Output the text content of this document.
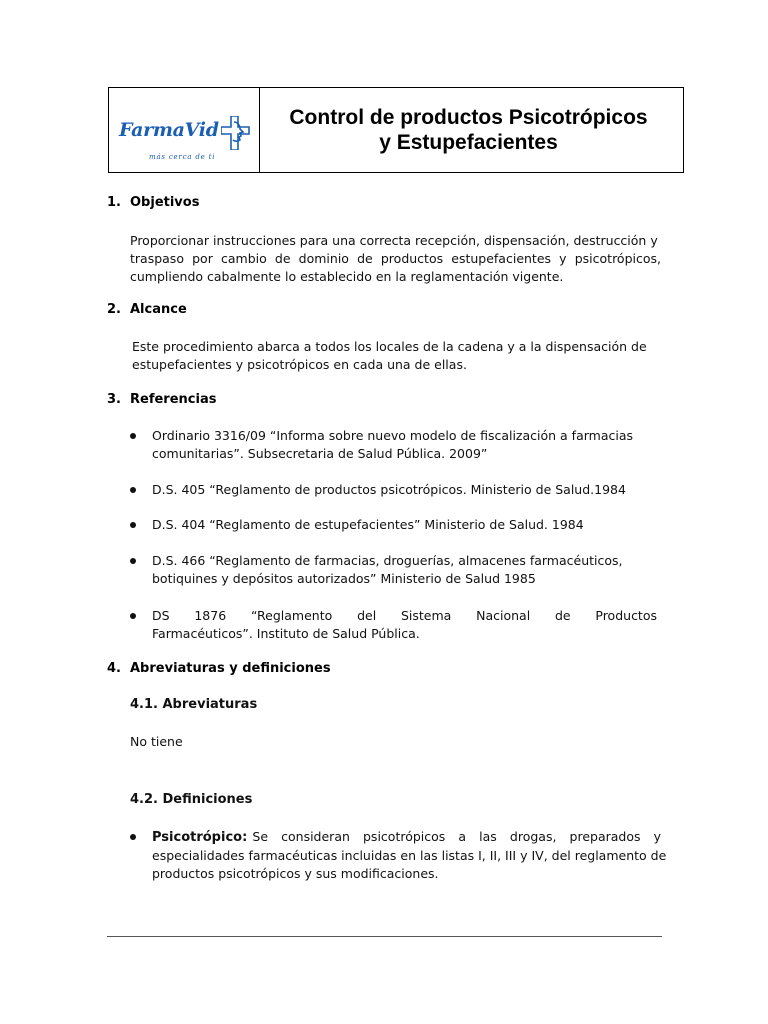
FarmaVid
más cerca de ti
Control de productos Psicotrópicos
y Estupefacientes
1. Objetivos
Proporcionar instrucciones para una correcta recepción, dispensación, destrucción y
traspaso por cambio de dominio de productos estupefacientes y psicotrópicos,
cumpliendo cabalmente lo establecido en la reglamentación vigente.
2. Alcance
Este procedimiento abarca a todos los locales de la cadena y a la dispensación de
estupefacientes y psicotrópicos en cada una de ellas.
3. Referencias
Ordinario 3316/09 “Informa sobre nuevo modelo de fiscalización a farmacias
comunitarias”. Subsecretaria de Salud Pública. 2009”
D.S. 405 “Reglamento de productos psicotrópicos. Ministerio de Salud.1984
D.S. 404 “Reglamento de estupefacientes” Ministerio de Salud. 1984
D.S. 466 “Reglamento de farmacias, droguerías, almacenes farmacéuticos,
botiquines y depósitos autorizados” Ministerio de Salud 1985
DS 1876 “Reglamento del Sistema Nacional de Productos
Farmacéuticos”. Instituto de Salud Pública.
4. Abreviaturas y definiciones
4.1. Abreviaturas
No tiene
4.2. Definiciones
Psicotrópico: Se consideran psicotrópicos a las drogas, preparados y
especialidades farmacéuticas incluidas en las listas I, II, III y IV, del reglamento de
productos psicotrópicos y sus modificaciones.
